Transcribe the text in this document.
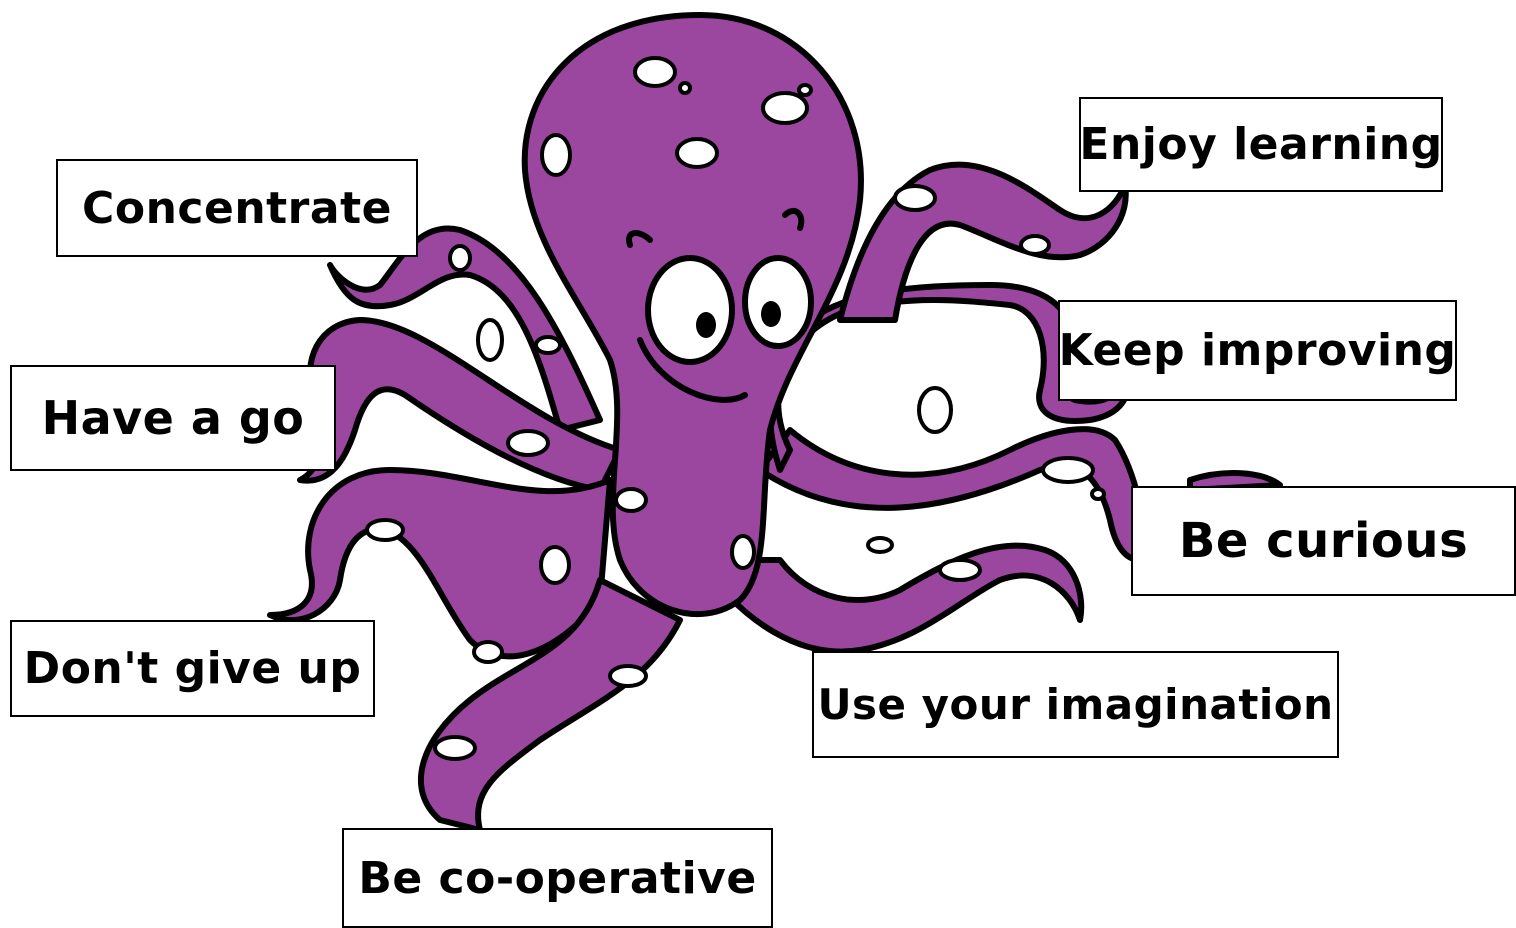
Concentrate
Have a go
Don't give up
Be co-operative
Use your imagination
Be curious
Keep improving
Enjoy learning
